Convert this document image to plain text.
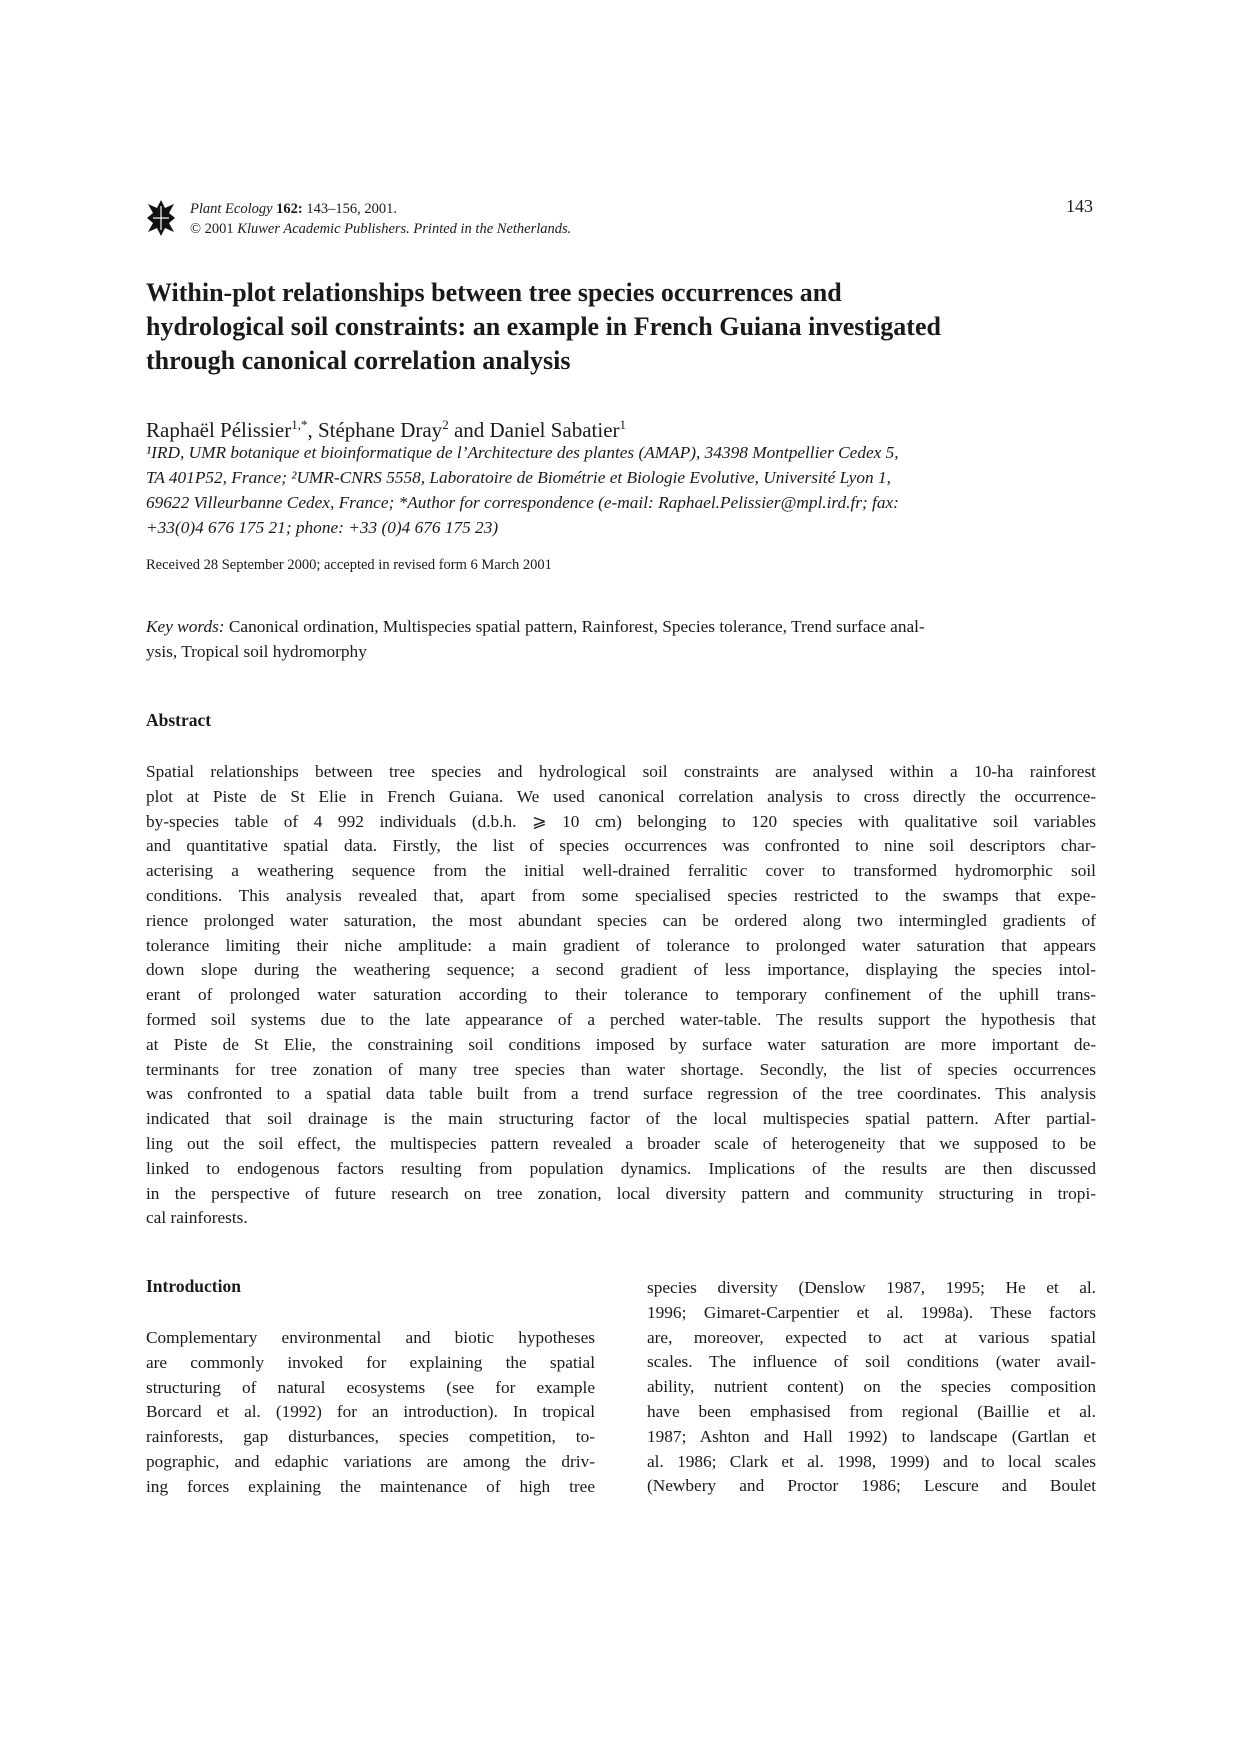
Plant Ecology 162: 143–156, 2001.
© 2001 Kluwer Academic Publishers. Printed in the Netherlands.
143
Within-plot relationships between tree species occurrences and
hydrological soil constraints: an example in French Guiana investigated
through canonical correlation analysis
Raphaël Pélissier$^{1,*}$, Stéphane Dray$^2$ and Daniel Sabatier$^1$
¹IRD, UMR botanique et bioinformatique de l’Architecture des plantes (AMAP), 34398 Montpellier Cedex 5,
TA 401P52, France; ²UMR-CNRS 5558, Laboratoire de Biométrie et Biologie Evolutive, Université Lyon 1,
69622 Villeurbanne Cedex, France; *Author for correspondence (e-mail: Raphael.Pelissier@mpl.ird.fr; fax:
+33(0)4 676 175 21; phone: +33 (0)4 676 175 23)
Received 28 September 2000; accepted in revised form 6 March 2001
Key words: Canonical ordination, Multispecies spatial pattern, Rainforest, Species tolerance, Trend surface anal-
ysis, Tropical soil hydromorphy
Abstract
Spatial relationships between tree species and hydrological soil constraints are analysed within a 10-ha rainforest
plot at Piste de St Elie in French Guiana. We used canonical correlation analysis to cross directly the occurrence-
by-species table of 4 992 individuals (d.b.h. ⩾ 10 cm) belonging to 120 species with qualitative soil variables
and quantitative spatial data. Firstly, the list of species occurrences was confronted to nine soil descriptors char-
acterising a weathering sequence from the initial well-drained ferralitic cover to transformed hydromorphic soil
conditions. This analysis revealed that, apart from some specialised species restricted to the swamps that expe-
rience prolonged water saturation, the most abundant species can be ordered along two intermingled gradients of
tolerance limiting their niche amplitude: a main gradient of tolerance to prolonged water saturation that appears
down slope during the weathering sequence; a second gradient of less importance, displaying the species intol-
erant of prolonged water saturation according to their tolerance to temporary confinement of the uphill trans-
formed soil systems due to the late appearance of a perched water-table. The results support the hypothesis that
at Piste de St Elie, the constraining soil conditions imposed by surface water saturation are more important de-
terminants for tree zonation of many tree species than water shortage. Secondly, the list of species occurrences
was confronted to a spatial data table built from a trend surface regression of the tree coordinates. This analysis
indicated that soil drainage is the main structuring factor of the local multispecies spatial pattern. After partial-
ling out the soil effect, the multispecies pattern revealed a broader scale of heterogeneity that we supposed to be
linked to endogenous factors resulting from population dynamics. Implications of the results are then discussed
in the perspective of future research on tree zonation, local diversity pattern and community structuring in tropi-
cal rainforests.
Introduction
Complementary environmental and biotic hypotheses
are commonly invoked for explaining the spatial
structuring of natural ecosystems (see for example
Borcard et al. (1992) for an introduction). In tropical
rainforests, gap disturbances, species competition, to-
pographic, and edaphic variations are among the driv-
ing forces explaining the maintenance of high tree
species diversity (Denslow 1987, 1995; He et al.
1996; Gimaret-Carpentier et al. 1998a). These factors
are, moreover, expected to act at various spatial
scales. The influence of soil conditions (water avail-
ability, nutrient content) on the species composition
have been emphasised from regional (Baillie et al.
1987; Ashton and Hall 1992) to landscape (Gartlan et
al. 1986; Clark et al. 1998, 1999) and to local scales
(Newbery and Proctor 1986; Lescure and Boulet
